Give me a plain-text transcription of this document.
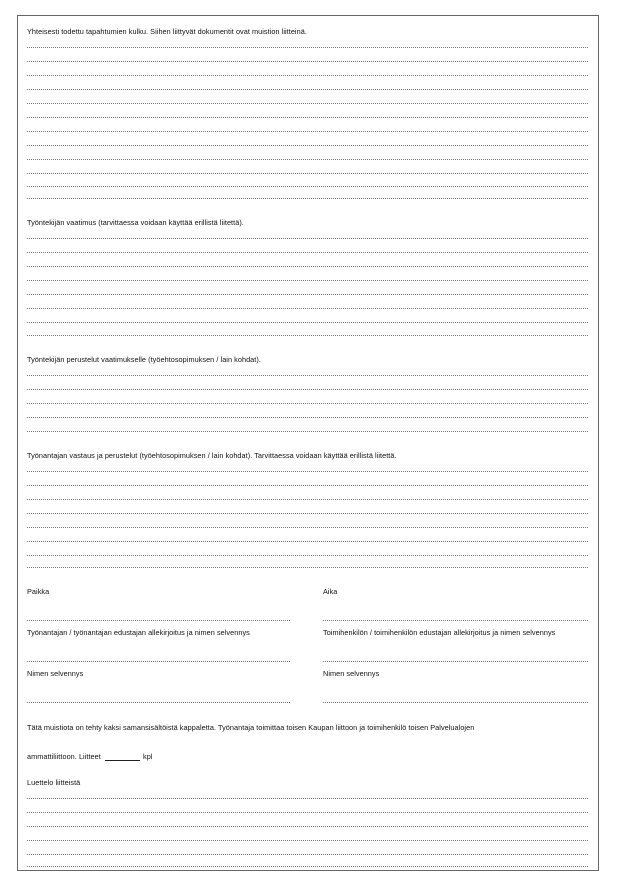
Yhteisesti todettu tapahtumien kulku. Siihen liittyvät dokumentit ovat muistion liitteinä.
Työntekijän vaatimus (tarvittaessa voidaan käyttää erillistä liitettä).
Työntekijän perustelut vaatimukselle (työehtosopimuksen / lain kohdat).
Työnantajan vastaus ja perustelut (työehtosopimuksen / lain kohdat). Tarvittaessa voidaan käyttää erillistä liitettä.
Paikka	Aika
Työnantajan / työnantajan edustajan allekirjoitus ja nimen selvennys	Toimihenkilön / toimihenkilön edustajan allekirjoitus ja nimen selvennys
Nimen selvennys	Nimen selvennys
Tätä muistiota on tehty kaksi samansisältöistä kappaletta. Työnantaja toimittaa toisen Kaupan liittoon ja toimihenkilö toisen Palvelualojen
ammattiliittoon. Liitteet	kpl
Luettelo liitteistä
